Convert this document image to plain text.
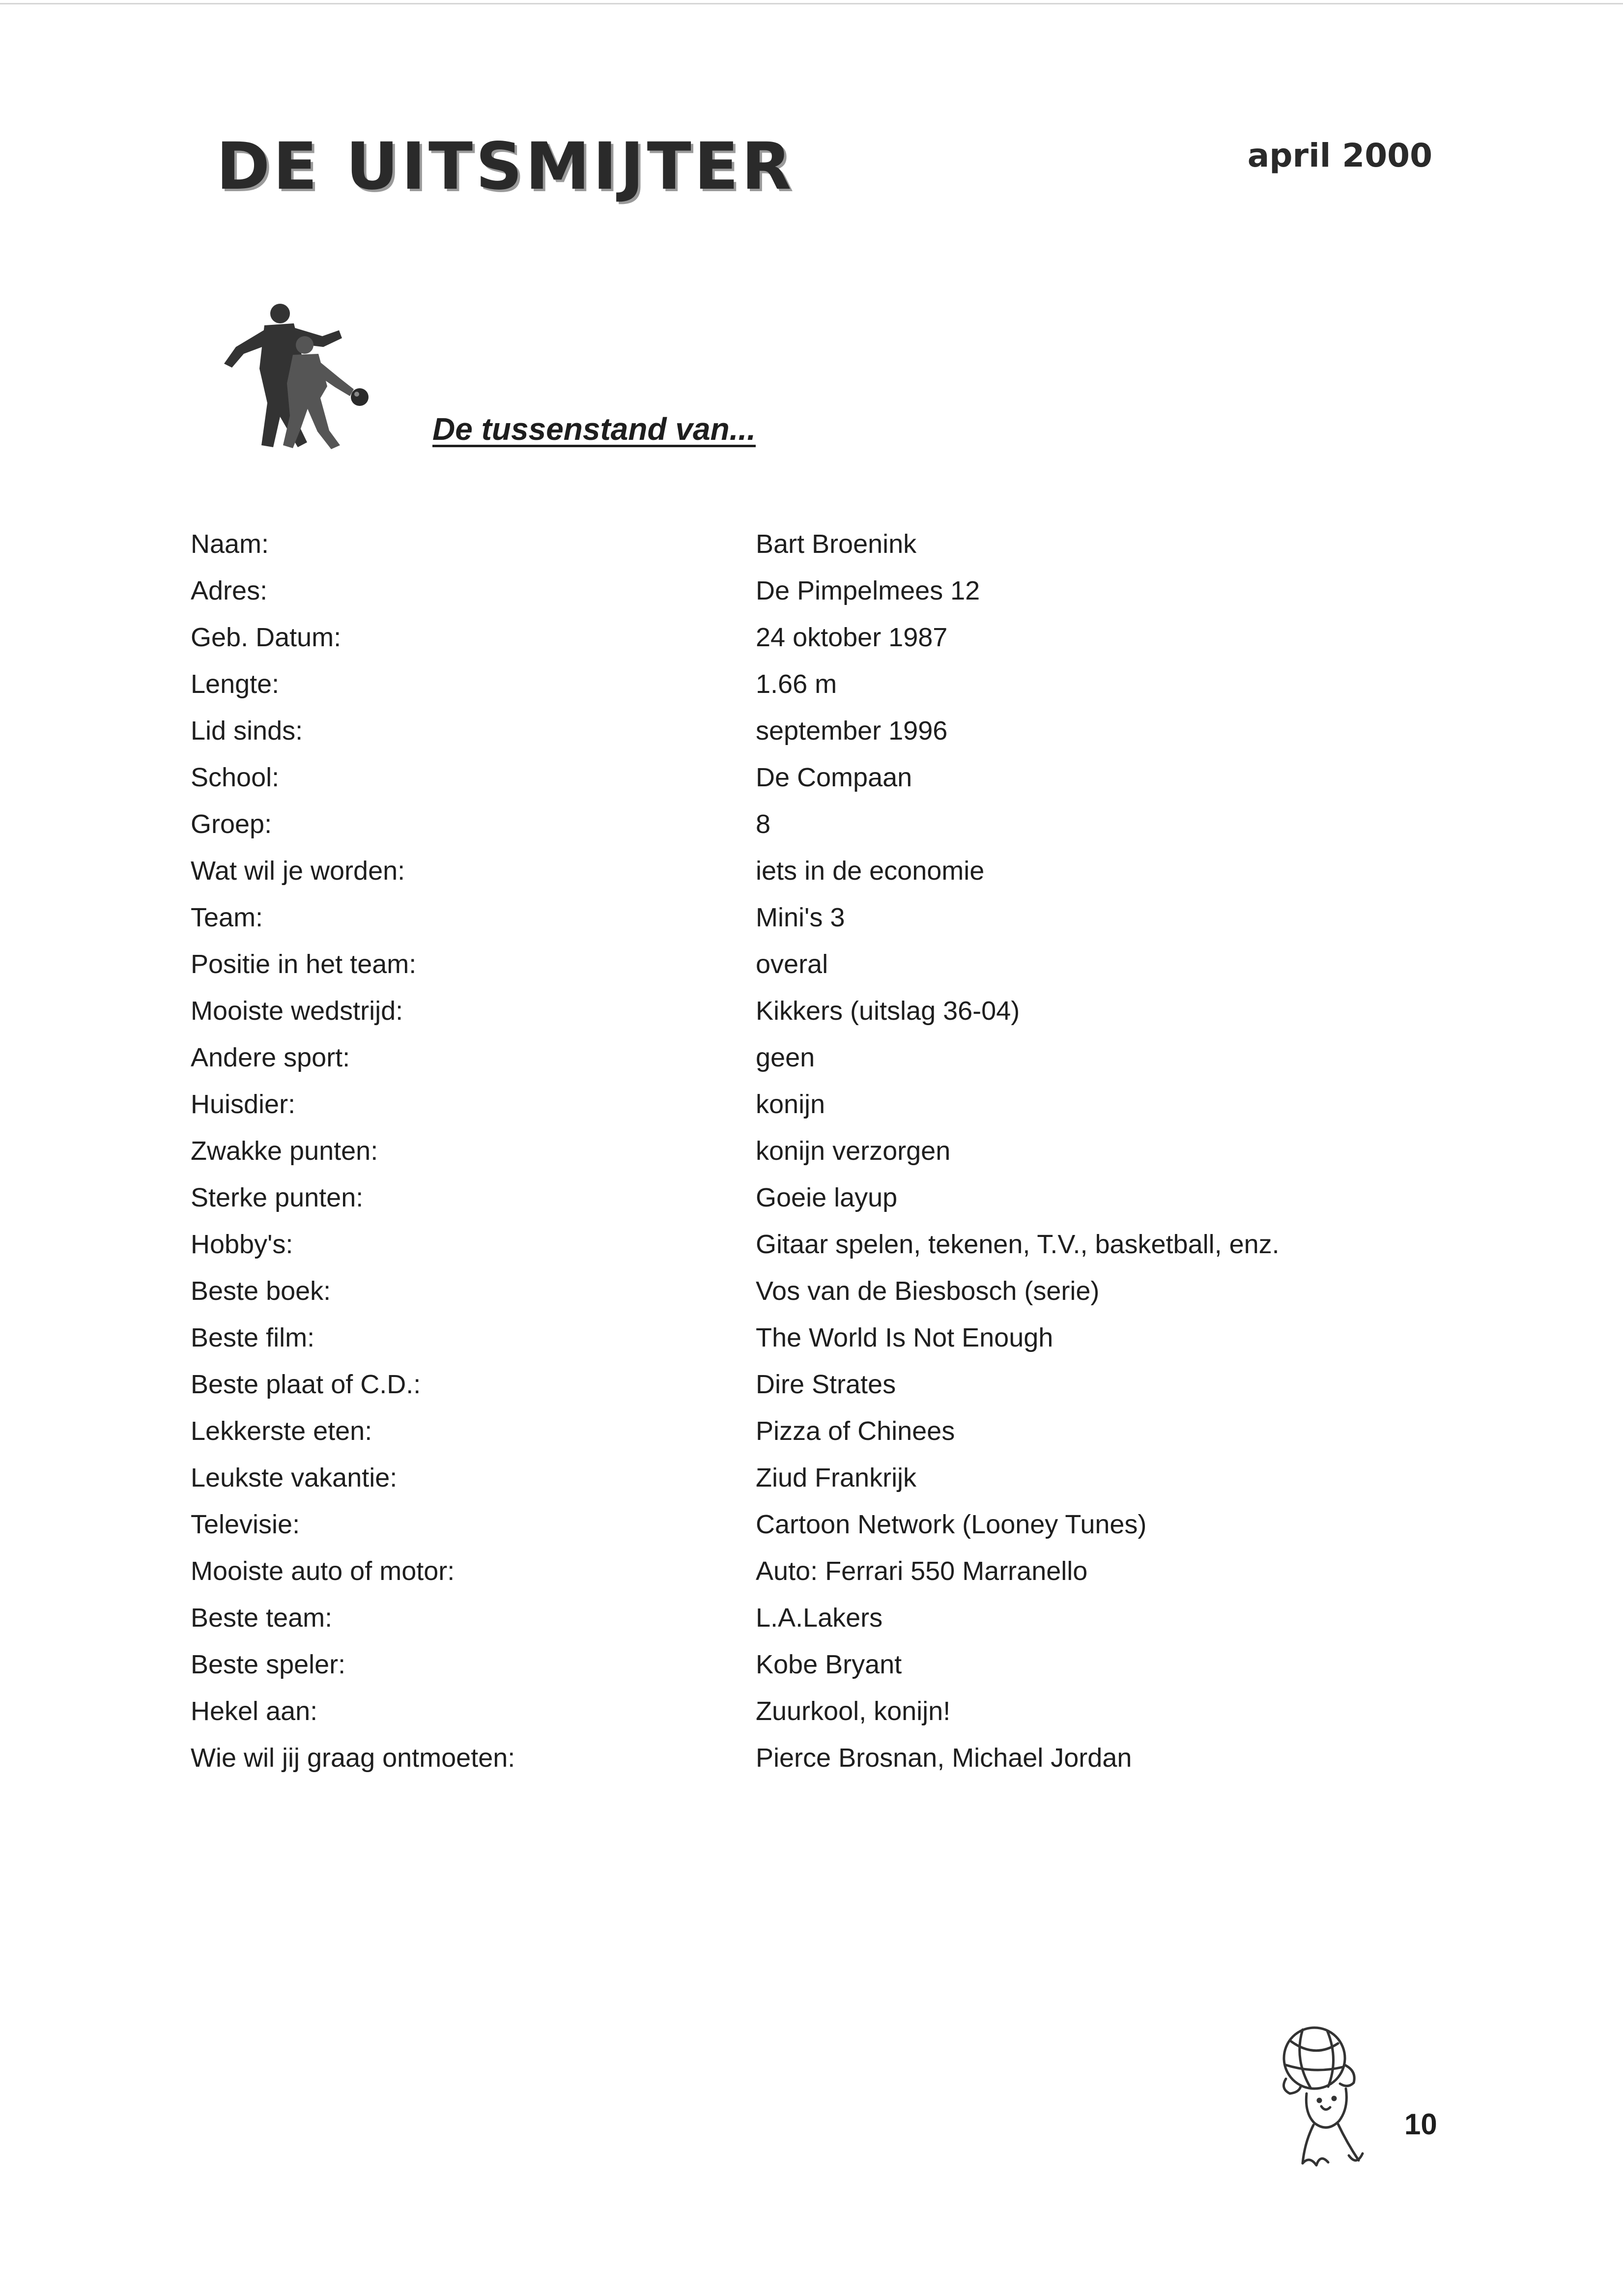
DE UITSMIJTER	april 2000
De tussenstand van...
Naam:	Bart Broenink
Adres:	De Pimpelmees 12
Geb. Datum:	24 oktober 1987
Lengte:	1.66 m
Lid sinds:	september 1996
School:	De Compaan
Groep:	8
Wat wil je worden:	iets in de economie
Team:	Mini's 3
Positie in het team:	overal
Mooiste wedstrijd:	Kikkers (uitslag 36-04)
Andere sport:	geen
Huisdier:	konijn
Zwakke punten:	konijn verzorgen
Sterke punten:	Goeie layup
Hobby's:	Gitaar spelen, tekenen, T.V., basketball, enz.
Beste boek:	Vos van de Biesbosch (serie)
Beste film:	The World Is Not Enough
Beste plaat of C.D.:	Dire Strates
Lekkerste eten:	Pizza of Chinees
Leukste vakantie:	Ziud Frankrijk
Televisie:	Cartoon Network (Looney Tunes)
Mooiste auto of motor:	Auto: Ferrari 550 Marranello
Beste team:	L.A.Lakers
Beste speler:	Kobe Bryant
Hekel aan:	Zuurkool, konijn!
Wie wil jij graag ontmoeten:	Pierce Brosnan, Michael Jordan
10
